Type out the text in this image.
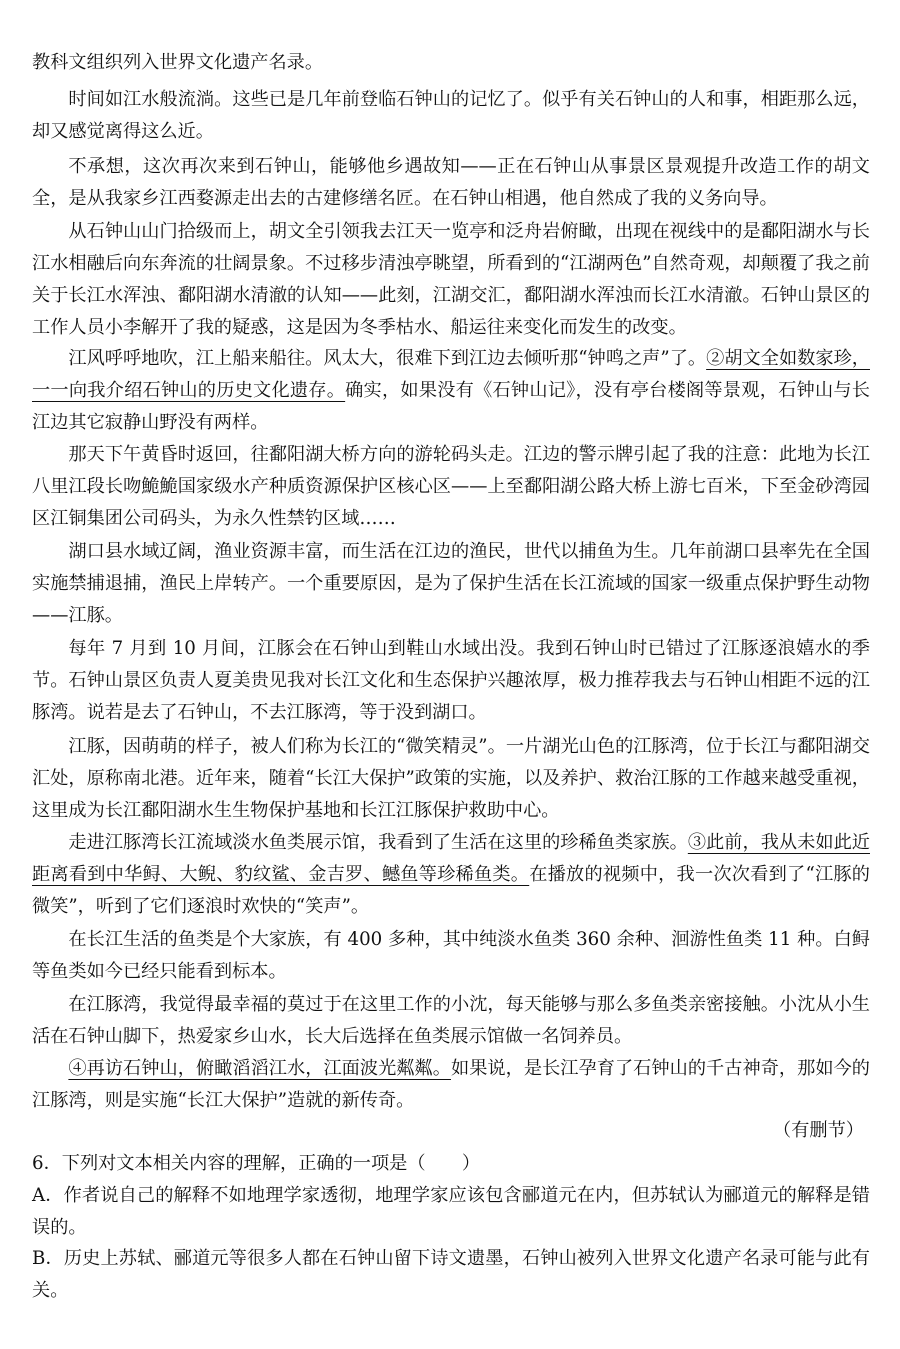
教科文组织列入世界文化遗产名录。

时间如江水般流淌。这些已是几年前登临石钟山的记忆了。似乎有关石钟山的人和事，相距那么远，却又感觉离得这么近。

不承想，这次再次来到石钟山，能够他乡遇故知——正在石钟山从事景区景观提升改造工作的胡文全，是从我家乡江西婺源走出去的古建修缮名匠。在石钟山相遇，他自然成了我的义务向导。

从石钟山山门拾级而上，胡文全引领我去江天一览亭和泛舟岩俯瞰，出现在视线中的是鄱阳湖水与长江水相融后向东奔流的壮阔景象。不过移步清浊亭眺望，所看到的“江湖两色”自然奇观，却颠覆了我之前关于长江水浑浊、鄱阳湖水清澈的认知——此刻，江湖交汇，鄱阳湖水浑浊而长江水清澈。石钟山景区的工作人员小李解开了我的疑惑，这是因为冬季枯水、船运往来变化而发生的改变。

江风呼呼地吹，江上船来船往。风太大，很难下到江边去倾听那“钟鸣之声”了。②胡文全如数家珍，一一向我介绍石钟山的历史文化遗存。确实，如果没有《石钟山记》，没有亭台楼阁等景观，石钟山与长江边其它寂静山野没有两样。

那天下午黄昏时返回，往鄱阳湖大桥方向的游轮码头走。江边的警示牌引起了我的注意：此地为长江八里江段长吻鮠鮠国家级水产种质资源保护区核心区——上至鄱阳湖公路大桥上游七百米，下至金砂湾园区江铜集团公司码头，为永久性禁钓区域……

湖口县水域辽阔，渔业资源丰富，而生活在江边的渔民，世代以捕鱼为生。几年前湖口县率先在全国实施禁捕退捕，渔民上岸转产。一个重要原因，是为了保护生活在长江流域的国家一级重点保护野生动物——江豚。

每年 7 月到 10 月间，江豚会在石钟山到鞋山水域出没。我到石钟山时已错过了江豚逐浪嬉水的季节。石钟山景区负责人夏美贵见我对长江文化和生态保护兴趣浓厚，极力推荐我去与石钟山相距不远的江豚湾。说若是去了石钟山，不去江豚湾，等于没到湖口。

江豚，因萌萌的样子，被人们称为长江的“微笑精灵”。一片湖光山色的江豚湾，位于长江与鄱阳湖交汇处，原称南北港。近年来，随着“长江大保护”政策的实施，以及养护、救治江豚的工作越来越受重视，这里成为长江鄱阳湖水生生物保护基地和长江江豚保护救助中心。

走进江豚湾长江流域淡水鱼类展示馆，我看到了生活在这里的珍稀鱼类家族。③此前，我从未如此近距离看到中华鲟、大鲵、豹纹鲨、金吉罗、鳡鱼等珍稀鱼类。在播放的视频中，我一次次看到了“江豚的微笑”，听到了它们逐浪时欢快的“笑声”。

在长江生活的鱼类是个大家族，有 400 多种，其中纯淡水鱼类 360 余种、洄游性鱼类 11 种。白鲟等鱼类如今已经只能看到标本。

在江豚湾，我觉得最幸福的莫过于在这里工作的小沈，每天能够与那么多鱼类亲密接触。小沈从小生活在石钟山脚下，热爱家乡山水，长大后选择在鱼类展示馆做一名饲养员。

④再访石钟山，俯瞰滔滔江水，江面波光粼粼。如果说，是长江孕育了石钟山的千古神奇，那如今的江豚湾，则是实施“长江大保护”造就的新传奇。

（有删节）

6．下列对文本相关内容的理解，正确的一项是（　　）

A．作者说自己的解释不如地理学家透彻，地理学家应该包含郦道元在内，但苏轼认为郦道元的解释是错误的。

B．历史上苏轼、郦道元等很多人都在石钟山留下诗文遗墨，石钟山被列入世界文化遗产名录可能与此有关。
